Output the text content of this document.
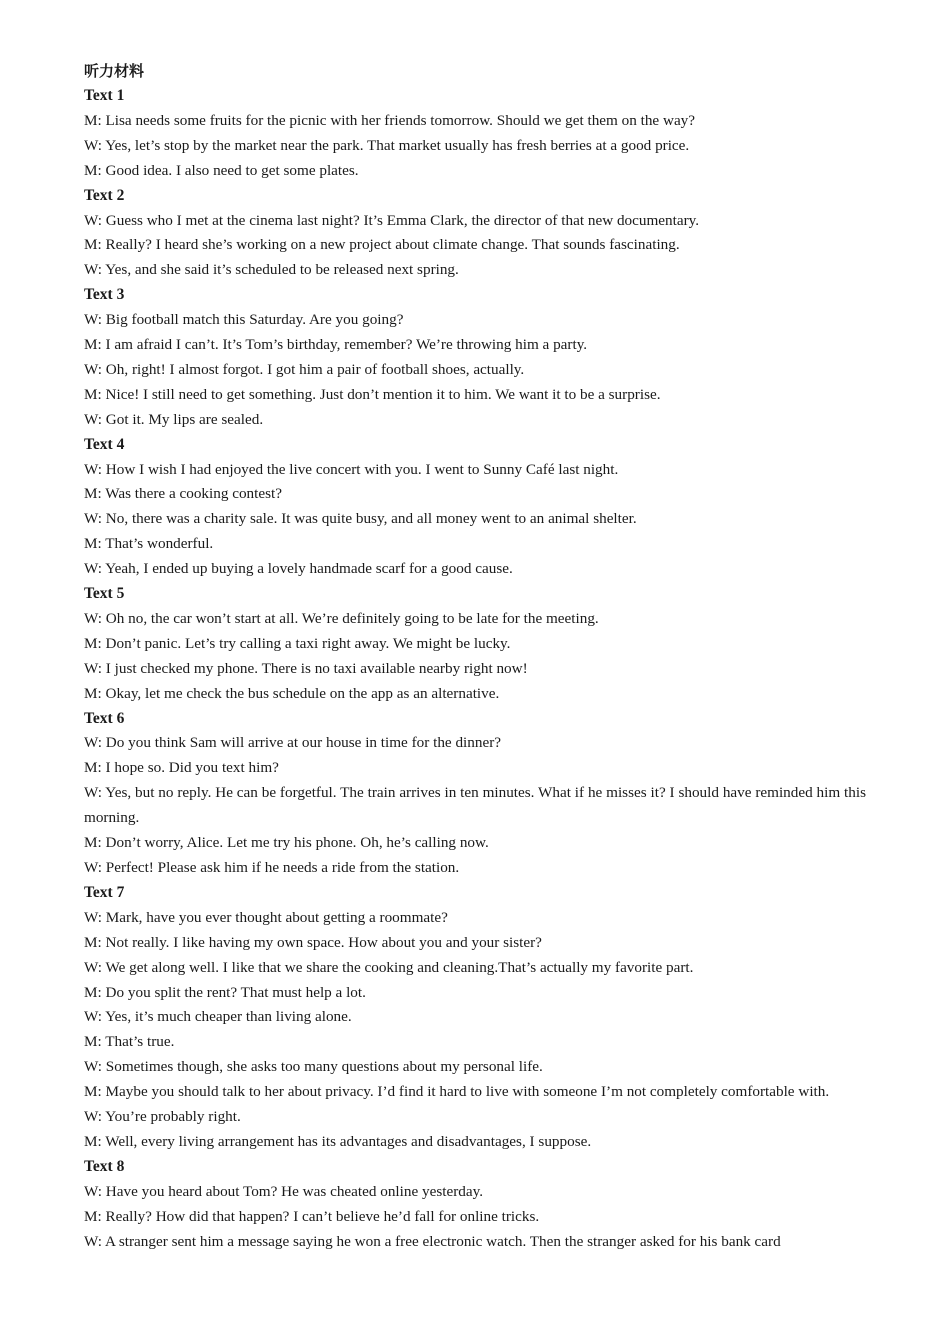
听力材料
Text 1
M: Lisa needs some fruits for the picnic with her friends tomorrow. Should we get them on the way?
W: Yes, let’s stop by the market near the park. That market usually has fresh berries at a good price.
M: Good idea. I also need to get some plates.
Text 2
W: Guess who I met at the cinema last night? It’s Emma Clark, the director of that new documentary.
M: Really? I heard she’s working on a new project about climate change. That sounds fascinating.
W: Yes, and she said it’s scheduled to be released next spring.
Text 3
W: Big football match this Saturday. Are you going?
M: I am afraid I can’t. It’s Tom’s birthday, remember? We’re throwing him a party.
W: Oh, right! I almost forgot. I got him a pair of football shoes, actually.
M: Nice! I still need to get something. Just don’t mention it to him. We want it to be a surprise.
W: Got it. My lips are sealed.
Text 4
W: How I wish I had enjoyed the live concert with you. I went to Sunny Café last night.
M: Was there a cooking contest?
W: No, there was a charity sale. It was quite busy, and all money went to an animal shelter.
M: That’s wonderful.
W: Yeah, I ended up buying a lovely handmade scarf for a good cause.
Text 5
W: Oh no, the car won’t start at all. We’re definitely going to be late for the meeting.
M: Don’t panic. Let’s try calling a taxi right away. We might be lucky.
W: I just checked my phone. There is no taxi available nearby right now!
M: Okay, let me check the bus schedule on the app as an alternative.
Text 6
W: Do you think Sam will arrive at our house in time for the dinner?
M: I hope so. Did you text him?
W: Yes, but no reply. He can be forgetful. The train arrives in ten minutes. What if he misses it? I should have reminded him this morning.
M: Don’t worry, Alice. Let me try his phone. Oh, he’s calling now.
W: Perfect! Please ask him if he needs a ride from the station.
Text 7
W: Mark, have you ever thought about getting a roommate?
M: Not really. I like having my own space. How about you and your sister?
W: We get along well. I like that we share the cooking and cleaning.That’s actually my favorite part.
M: Do you split the rent? That must help a lot.
W: Yes, it’s much cheaper than living alone.
M: That’s true.
W: Sometimes though, she asks too many questions about my personal life.
M: Maybe you should talk to her about privacy. I’d find it hard to live with someone I’m not completely comfortable with.
W: You’re probably right.
M: Well, every living arrangement has its advantages and disadvantages, I suppose.
Text 8
W: Have you heard about Tom? He was cheated online yesterday.
M: Really? How did that happen? I can’t believe he’d fall for online tricks.
W: A stranger sent him a message saying he won a free electronic watch. Then the stranger asked for his bank card
